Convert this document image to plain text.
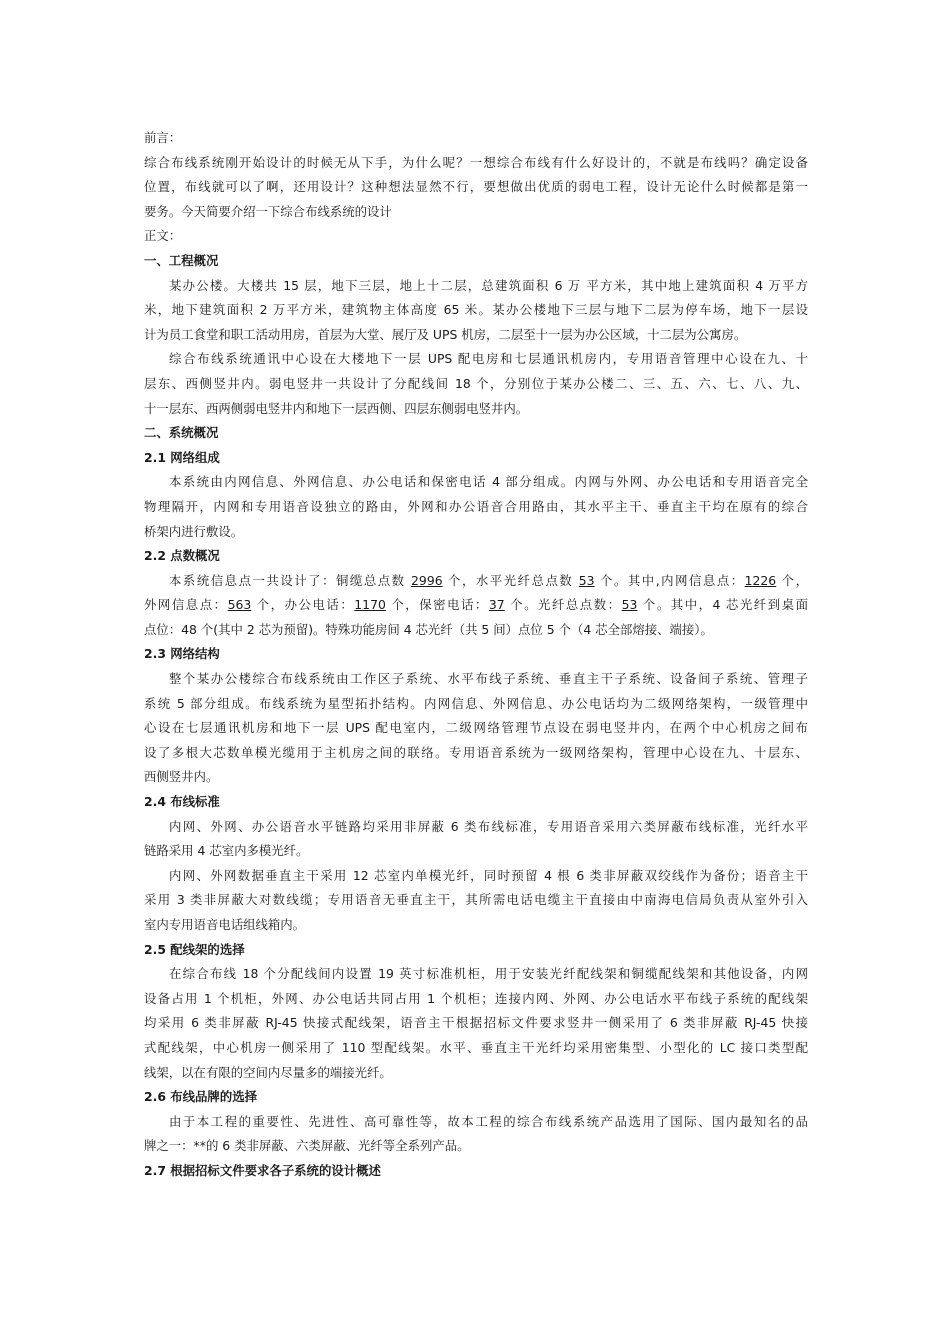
前言：
综合布线系统刚开始设计的时候无从下手，为什么呢？一想综合布线有什么好设计的，不就是布线吗？确定设备
位置，布线就可以了啊，还用设计？这种想法显然不行，要想做出优质的弱电工程，设计无论什么时候都是第一
要务。今天简要介绍一下综合布线系统的设计
正文：
一、工程概况
某办公楼。大楼共 15 层，地下三层，地上十二层，总建筑面积 6 万 平方米，其中地上建筑面积 4 万平方
米，地下建筑面积 2 万平方米，建筑物主体高度 65 米。某办公楼地下三层与地下二层为停车场，地下一层设
计为员工食堂和职工活动用房，首层为大堂、展厅及 UPS 机房，二层至十一层为办公区域，十二层为公寓房。
综合布线系统通讯中心设在大楼地下一层 UPS 配电房和七层通讯机房内，专用语音管理中心设在九、十
层东、西侧竖井内。弱电竖井一共设计了分配线间 18 个，分别位于某办公楼二、三、五、六、七、八、九、
十一层东、西两侧弱电竖井内和地下一层西侧、四层东侧弱电竖井内。
二、系统概况
2.1 网络组成
本系统由内网信息、外网信息、办公电话和保密电话 4 部分组成。内网与外网、办公电话和专用语音完全
物理隔开，内网和专用语音设独立的路由，外网和办公语音合用路由，其水平主干、垂直主干均在原有的综合
桥架内进行敷设。
2.2 点数概况
本系统信息点一共设计了：铜缆总点数 2996 个，水平光纤总点数 53 个。其中,内网信息点：1226 个，
外网信息点：563 个，办公电话：1170 个，保密电话：37 个。光纤总点数：53 个。其中，4 芯光纤到桌面
点位：48 个(其中 2 芯为预留)。特殊功能房间 4 芯光纤（共 5 间）点位 5 个（4 芯全部熔接、端接）。
2.3 网络结构
整个某办公楼综合布线系统由工作区子系统、水平布线子系统、垂直主干子系统、设备间子系统、管理子
系统 5 部分组成。布线系统为星型拓扑结构。内网信息、外网信息、办公电话均为二级网络架构，一级管理中
心设在七层通讯机房和地下一层 UPS 配电室内，二级网络管理节点设在弱电竖井内，在两个中心机房之间布
设了多根大芯数单模光缆用于主机房之间的联络。专用语音系统为一级网络架构，管理中心设在九、十层东、
西侧竖井内。
2.4 布线标准
内网、外网、办公语音水平链路均采用非屏蔽 6 类布线标准，专用语音采用六类屏蔽布线标准，光纤水平
链路采用 4 芯室内多模光纤。
内网、外网数据垂直主干采用 12 芯室内单模光纤，同时预留 4 根 6 类非屏蔽双绞线作为备份；语音主干
采用 3 类非屏蔽大对数线缆；专用语音无垂直主干，其所需电话电缆主干直接由中南海电信局负责从室外引入
室内专用语音电话组线箱内。
2.5 配线架的选择
在综合布线 18 个分配线间内设置 19 英寸标准机柜，用于安装光纤配线架和铜缆配线架和其他设备，内网
设备占用 1 个机柜，外网、办公电话共同占用 1 个机柜；连接内网、外网、办公电话水平布线子系统的配线架
均采用 6 类非屏蔽 RJ-45 快接式配线架，语音主干根据招标文件要求竖井一侧采用了 6 类非屏蔽 RJ-45 快接
式配线架，中心机房一侧采用了 110 型配线架。水平、垂直主干光纤均采用密集型、小型化的 LC 接口类型配
线架，以在有限的空间内尽量多的端接光纤。
2.6 布线品牌的选择
由于本工程的重要性、先进性、高可靠性等，故本工程的综合布线系统产品选用了国际、国内最知名的品
牌之一：**的 6 类非屏蔽、六类屏蔽、光纤等全系列产品。
2.7 根据招标文件要求各子系统的设计概述
